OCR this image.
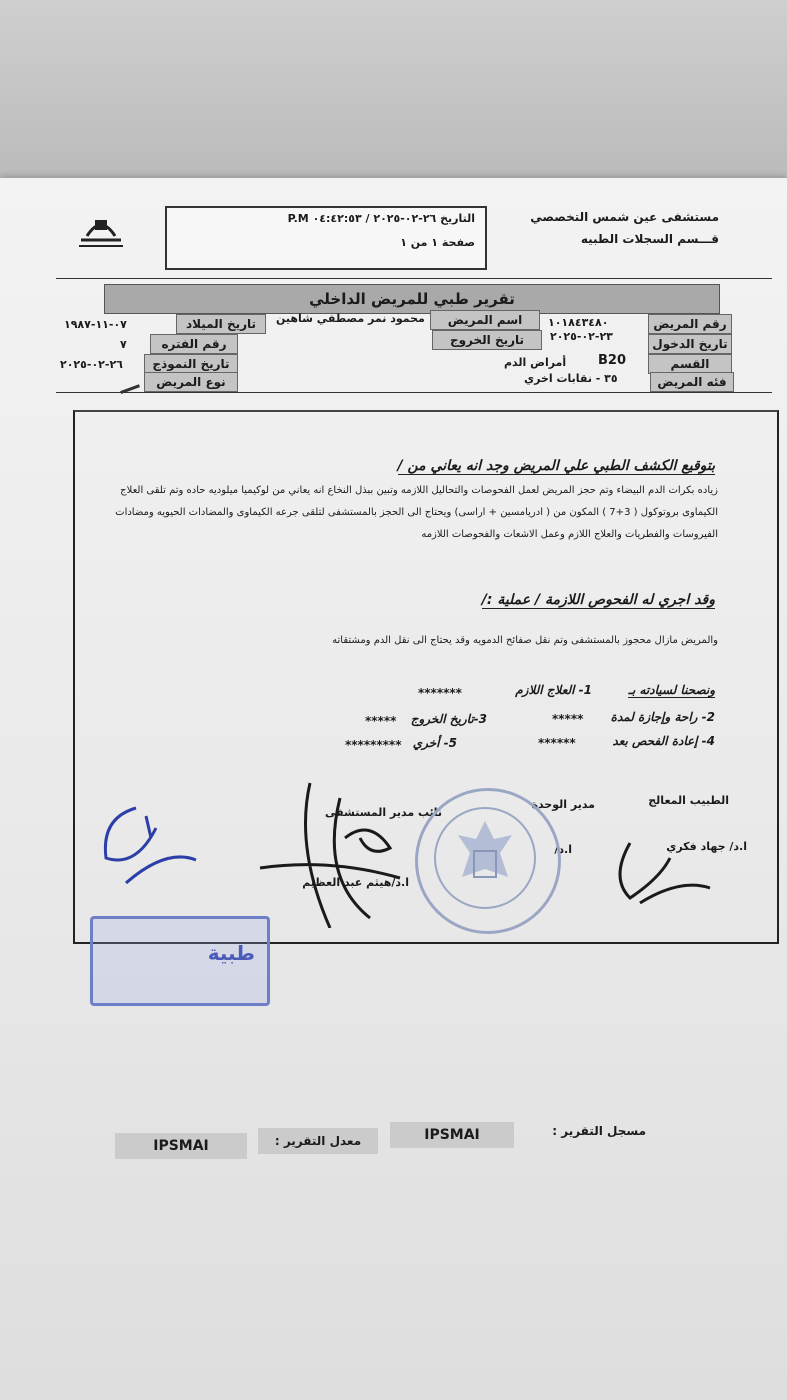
مستشفى عين شمس التخصصي
قـــسم السجلات الطبيه
التاريخ ٢٦-٠٢-٢٠٢٥ / ٠٤:٤٢:٥٣ P.M
صفحة ١ من ١
تقرير طبي للمريض الداخلي
رقم المريض
١٠١٨٤٣٤٨٠
اسم المريض
محمود نمر مصطفي شاهين
تاريخ الميلاد
٠٧-١١-١٩٨٧
تاريخ الدخول
٢٣-٠٢-٢٠٢٥
تاريخ الخروج
رقم الفتره
٧
القسم
B20
أمراض الدم
تاريخ النموذج
٢٦-٠٢-٢٠٢٥
فئه المريض
٣٥ - نقابات اخري
نوع المريض
بتوقيع الكشف الطبي علي المريض وجد انه يعاني من /
زياده بكرات الدم البيضاء وتم حجز المريض لعمل الفحوصات والتحاليل اللازمه وتبين ببذل النخاع انه يعاني من لوكيميا ميلوديه حاده وتم تلقى العلاج الكيماوى بروتوكول ( 3+7 ) المكون من ( ادريامسين + اراسى) ويحتاج الى الحجز بالمستشفى لتلقى جرعه الكيماوى والمضادات الحيويه ومضادات الفيروسات والفطريات والعلاج اللازم وعمل الاشعات والفحوصات اللازمه
وقد اجري له الفحوص اللازمة / عملية :/
والمريض مازال محجوز بالمستشفى وتم نقل صفائح الدمويه وقد يحتاج الى نقل الدم ومشتقاته
ونصحنا لسيادته بـ
1- العلاج اللازم
*******
2- راحة وإجازة لمدة
*****
3-تاريخ الخروج
*****
4- إعادة الفحص بعد
******
5- أخري
*********
الطبيب المعالج
ا.د/ جهاد فكري
مدير الوحدة
ا.د/
نائب مدير المستشفى
ا.د/هيثم عبد العظيم
طبية
IPSMAI	مسجل التقرير :
IPSMAI	معدل التقرير :
